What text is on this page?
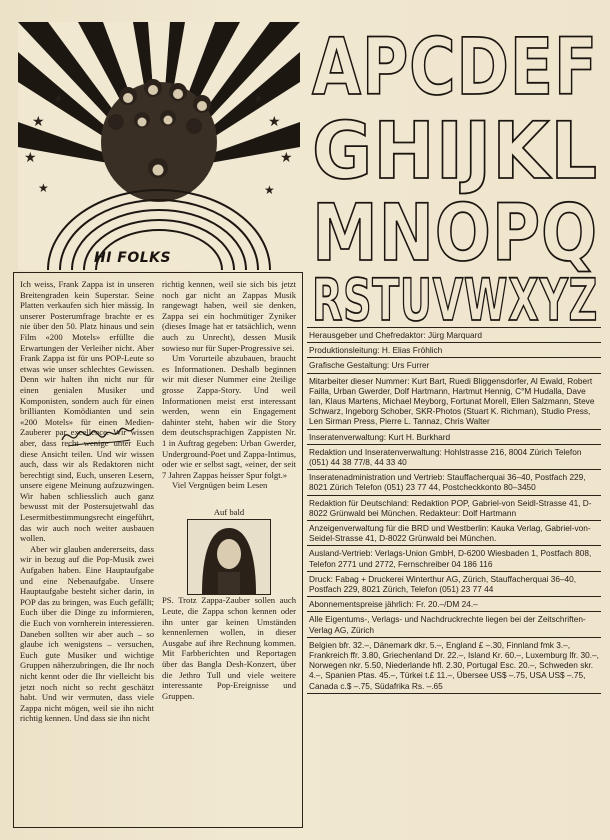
★
★
★
★
★
★
★	★
HI FOLKS

Ich weiss, Frank Zappa ist in unseren Breitengraden kein Superstar. Seine Platten verkaufen sich hier mässig. In unserer Posterumfrage brachte er es nie über den 50. Platz hinaus und sein Film «200 Motels» erfüllte die Erwartungen der Verleiher nicht. Aber Frank Zappa ist für uns POP-Leute so etwas wie unser schlechtes Gewissen. Denn wir halten ihn nicht nur für einen genialen Musiker und Komponisten, sondern auch für einen brillianten Komödianten und sein «200 Motels» für einen Medien-Zauberer par excellence. Wir wissen aber, dass recht wenige unter Euch diese Ansicht teilen. Und wir wissen auch, dass wir als Redaktoren nicht berechtigt sind, Euch, unseren Lesern, unsere eigene Meinung aufzuzwingen. Wir haben schliesslich auch ganz bewusst mit der Postersujetwahl das Lesermitbestimmungsrecht eingeführt, das wir auch noch weiter ausbauen wollen.

Aber wir glauben andererseits, dass wir in bezug auf die Pop-Musik zwei Aufgaben haben. Eine Hauptaufgabe und eine Nebenaufgabe. Unsere Hauptaufgabe besteht sicher darin, in POP das zu bringen, was Euch gefällt; Euch über die Dinge zu informieren, die Euch von vornherein interessieren. Daneben sollten wir aber auch – so glaube ich wenigstens – versuchen, Euch gute Musiker und wichtige Gruppen näherzubringen, die Ihr noch nicht kennt oder die Ihr vielleicht bis jetzt noch nicht so recht geschätzt habt. Und wir vermuten, dass viele Zappa nicht mögen, weil sie ihn nicht richtig kennen. Und dass sie ihn nicht

richtig kennen, weil sie sich bis jetzt noch gar nicht an Zappas Musik rangewagt haben, weil sie denken, Zappa sei ein hochmütiger Zyniker (dieses Image hat er tatsächlich, wenn auch zu Unrecht), dessen Musik sowieso nur für Super-Progressive sei.

Um Vorurteile abzubauen, braucht es Informationen. Deshalb beginnen wir mit dieser Nummer eine 2teilige grosse Zappa-Story. Und weil Informationen meist erst interessant werden, wenn ein Engagement dahinter steht, haben wir die Story dem deutschsprachigen Zappisten Nr. 1 in Auftrag gegeben: Urban Gwerder, Underground-Poet und Zappa-Intimus, oder wie er selbst sagt, «einer, der seit 7 Jahren Zappas heisser Spur folgt.»

Viel Vergnügen beim Lesen

Auf bald

PS. Trotz Zappa-Zauber sollen auch Leute, die Zappa schon kennen oder ihn unter gar keinen Umständen kennenlernen wollen, in dieser Ausgabe auf ihre Rechnung kommen. Mit Farbberichten und Reportagen über das Bangla Desh-Konzert, über die Jethro Tull und viele weitere interessante Pop-Ereignisse und Gruppen.

APCDEF
GHIJKL
MNOPQ
RSTUVWXYZ
Herausgeber und Chefredaktor: Jürg Marquard
Produktionsleitung: H. Elias Fröhlich
Grafische Gestaltung: Urs Furrer
Mitarbeiter dieser Nummer: Kurt Bart, Ruedi Bliggensdorfer, Al Ewald, Robert Failla, Urban Gwerder, Dolf Hartmann, Hartmut Hennig, C°M Hudalla, Dave Ian, Klaus Martens, Michael Meyborg, Fortunat Morell, Ellen Salzmann, Steve Schwarz, Ingeborg Schober, SKR-Photos (Stuart K. Richman), Studio Press, Len Sirman Press, Pierre L. Tannaz, Chris Walter
Inseratenverwaltung: Kurt H. Burkhard
Redaktion und Inseratenverwaltung: Hohlstrasse 216, 8004 Zürich Telefon (051) 44 38 77/8, 44 33 40
Inseratenadministration und Vertrieb: Stauffacherquai 36–40, Postfach 229, 8021 Zürich Telefon (051) 23 77 44, Postcheckkonto 80–3450
Redaktion für Deutschland: Redaktion POP, Gabriel-von Seidl-Strasse 41, D-8022 Grünwald bei München. Redakteur: Dolf Hartmann
Anzeigenverwaltung für die BRD und Westberlin: Kauka Verlag, Gabriel-von-Seidel-Strasse 41, D-8022 Grünwald bei München.
Ausland-Vertrieb: Verlags-Union GmbH, D-6200 Wiesbaden 1, Postfach 808, Telefon 2771 und 2772, Fernschreiber 04 186 116
Druck: Fabag + Druckerei Winterthur AG, Zürich, Stauffacherquai 36–40, Postfach 229, 8021 Zürich, Telefon (051) 23 77 44
Abonnementspreise jährlich: Fr. 20.–/DM 24.–
Alle Eigentums-, Verlags- und Nachdruckrechte liegen bei der Zeitschriften-Verlag AG, Zürich
Belgien bfr. 32.–, Dänemark dkr. 5.–, England £ –.30, Finnland fmk 3.–, Frankreich ffr. 3.80, Griechenland Dr. 22.–, Island Kr. 60.–, Luxemburg lfr. 30.–, Norwegen nkr. 5.50, Niederlande hfl. 2.30, Portugal Esc. 20.–, Schweden skr. 4.–, Spanien Ptas. 45.–, Türkei t.£ 11.–, Übersee US$ –.75, USA US$ –.75, Canada c.$ –.75, Südafrika Rs. –.65
